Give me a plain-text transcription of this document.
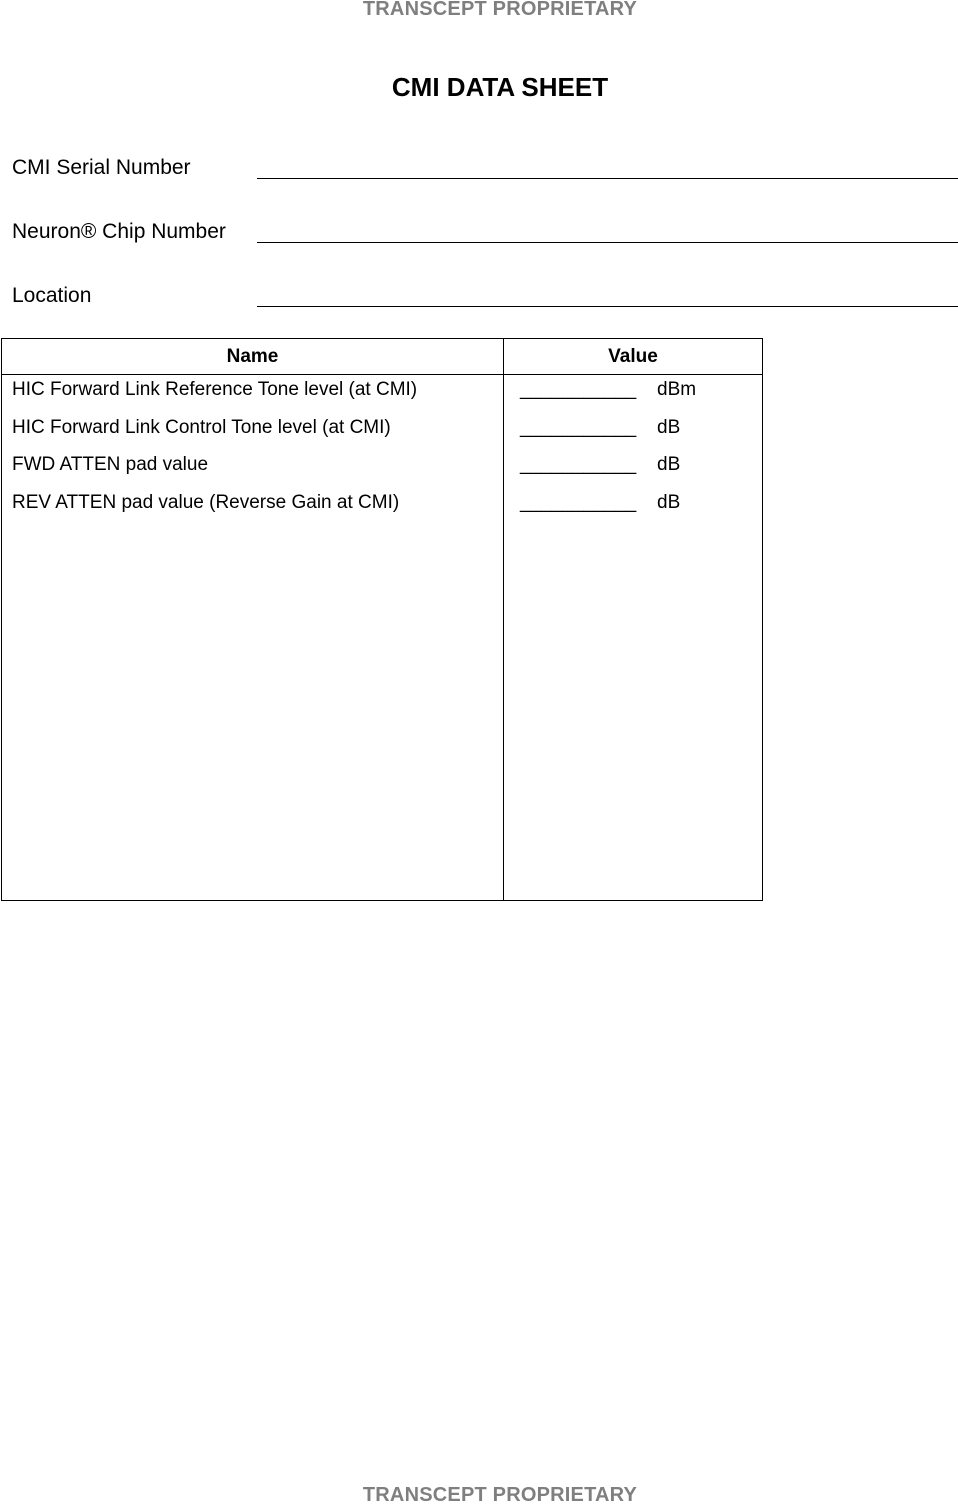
TRANSCEPT PROPRIETARY
CMI DATA SHEET
CMI Serial Number
Neuron® Chip Number
Location
Name	Value
HIC Forward Link Reference Tone level (at CMI)	___________ dBm
HIC Forward Link Control Tone level (at CMI)	___________ dB
FWD ATTEN pad value	___________ dB
REV ATTEN pad value (Reverse Gain at CMI)	___________ dB
TRANSCEPT PROPRIETARY
